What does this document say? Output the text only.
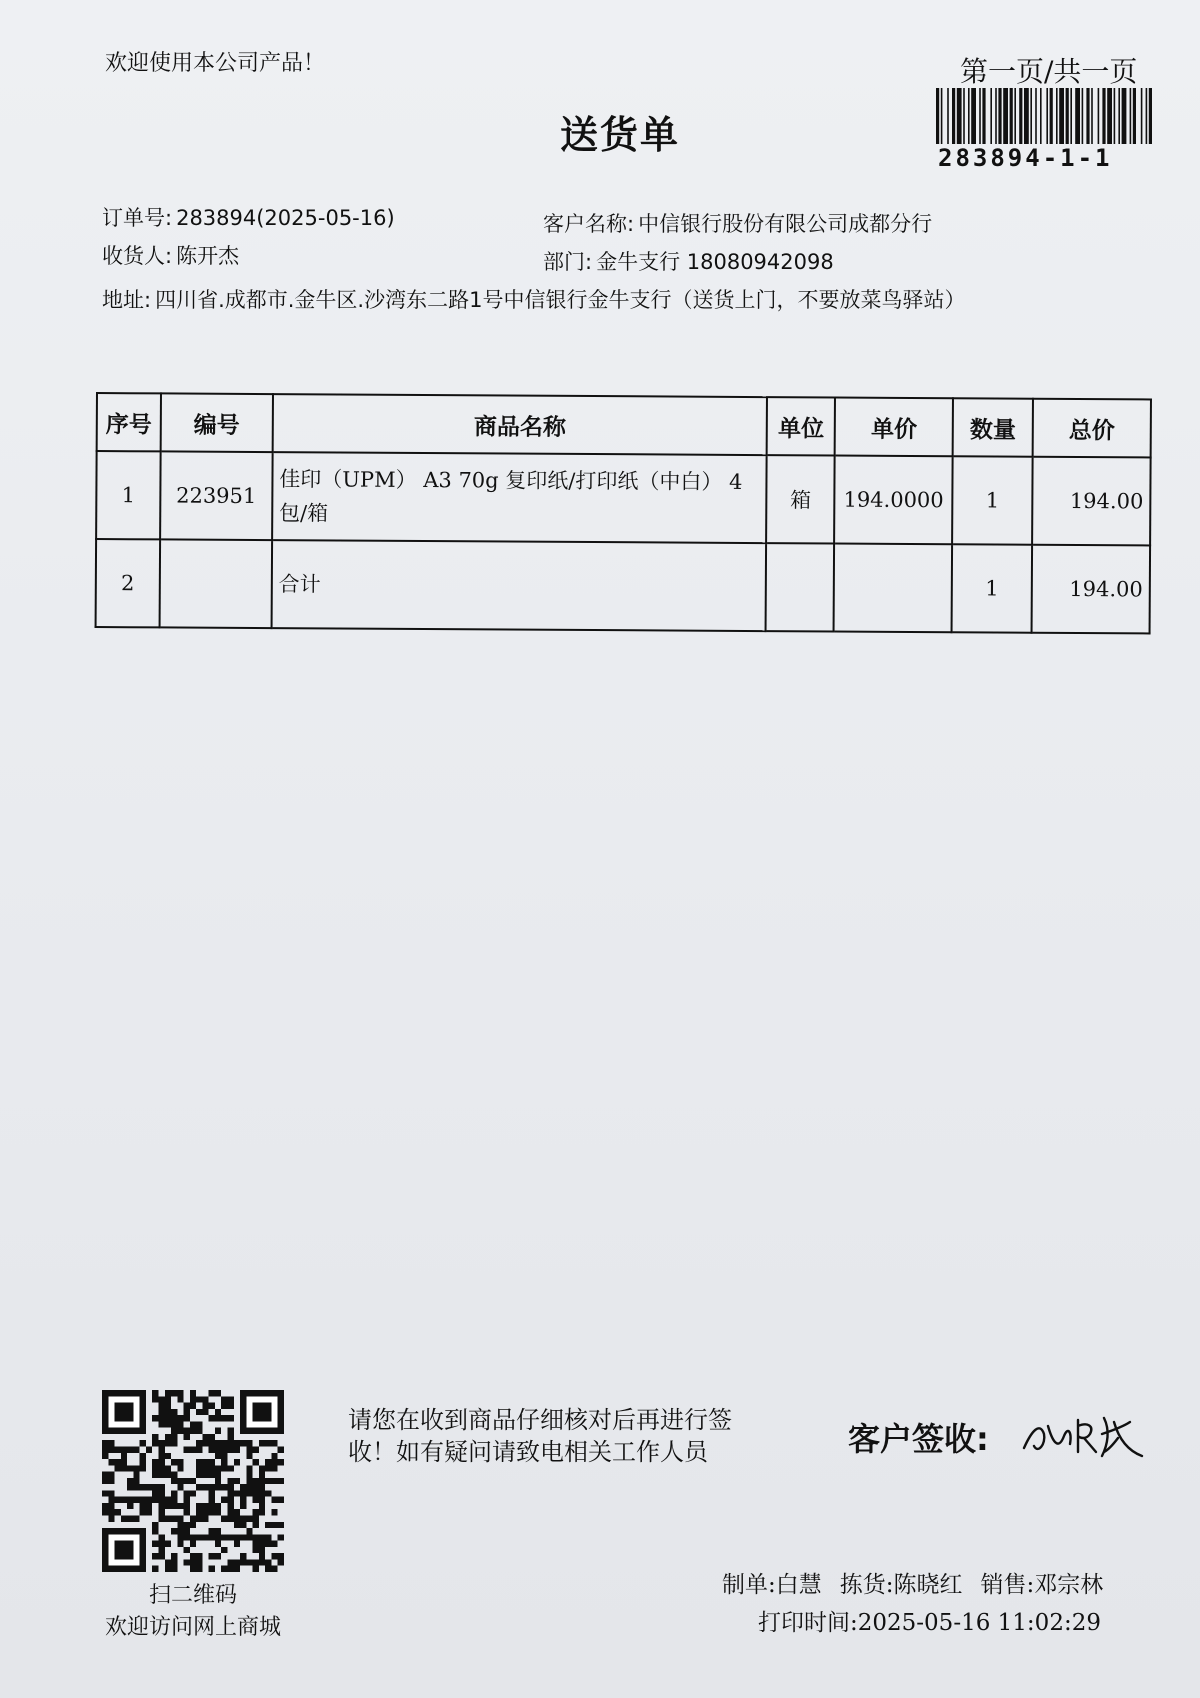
欢迎使用本公司产品！	第一页/共一页
送货单
283894-1-1
订单号: 283894(2025-05-16)	客户名称: 中信银行股份有限公司成都分行
收货人: 陈开杰	部门: 金牛支行 18080942098
地址: 四川省.成都市.金牛区.沙湾东二路1号中信银行金牛支行（送货上门，不要放菜鸟驿站）
序号	编号	商品名称	单位	单价	数量	总价
1	223951	佳印（UPM） A3 70g 复印纸/打印纸（中白） 4包/箱	箱	194.0000	1	194.00
2		合计			1	194.00
扫二维码
欢迎访问网上商城
请您在收到商品仔细核对后再进行签收！如有疑问请致电相关工作人员	客户签收:
制单:白慧 拣货:陈晓红 销售:邓宗林
打印时间:2025-05-16 11:02:29
